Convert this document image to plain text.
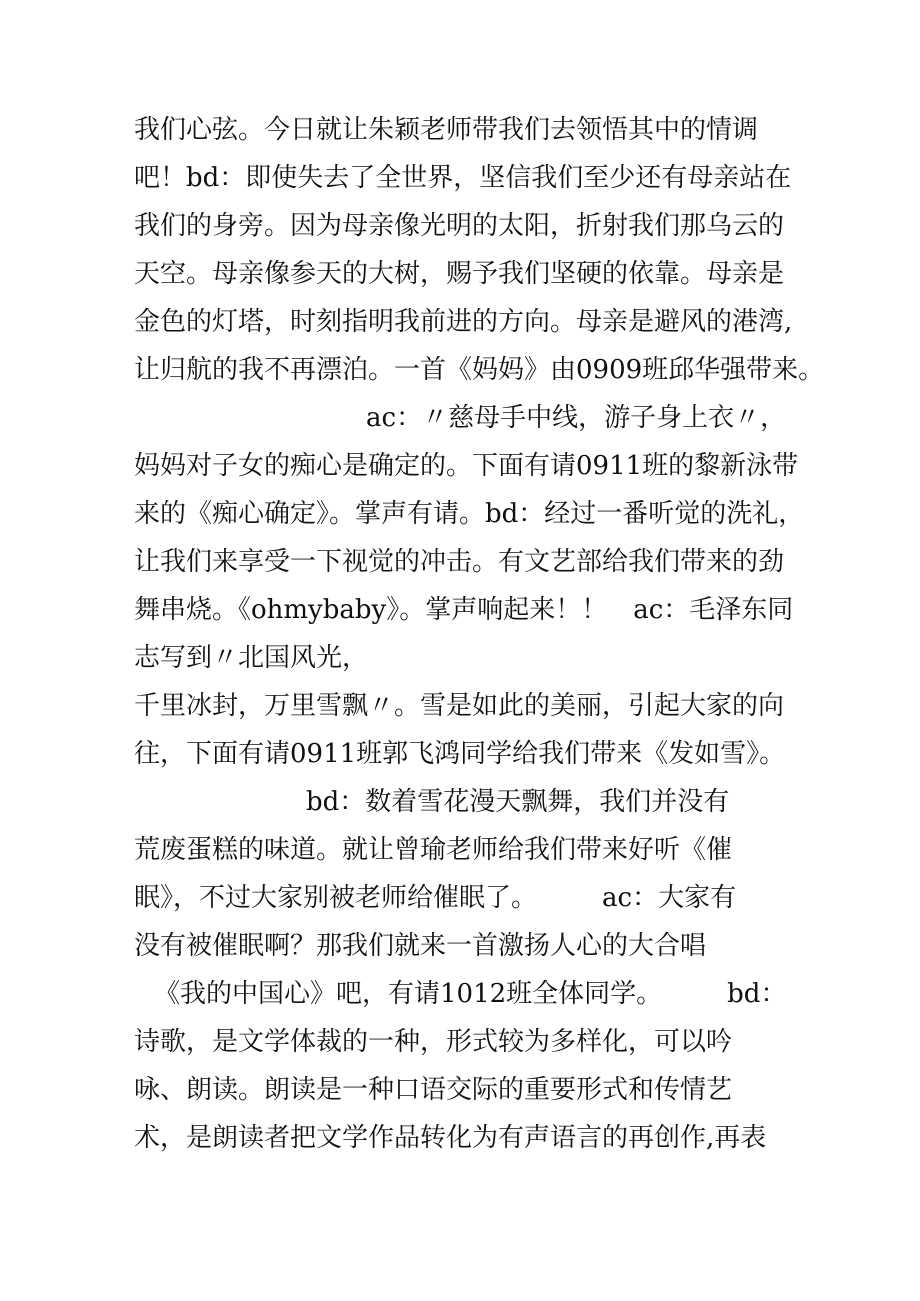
我们心弦。今日就让朱颖老师带我们去领悟其中的情调
吧！bd：即使失去了全世界，坚信我们至少还有母亲站在
我们的身旁。因为母亲像光明的太阳，折射我们那乌云的
天空。母亲像参天的大树，赐予我们坚硬的依靠。母亲是
金色的灯塔，时刻指明我前进的方向。母亲是避风的港湾,
让归航的我不再漂泊。一首《妈妈》由0909班邱华强带来。
ac：〃慈母手中线，游子身上衣〃，
妈妈对子女的痴心是确定的。下面有请0911班的黎新泳带
来的《痴心确定》。掌声有请。bd：经过一番听觉的洗礼，
让我们来享受一下视觉的冲击。有文艺部给我们带来的劲
舞串烧。《ohmybaby》。掌声响起来！！　ac：毛泽东同
志写到〃北国风光，
千里冰封，万里雪飘〃。雪是如此的美丽，引起大家的向
往，下面有请0911班郭飞鸿同学给我们带来《发如雪》。
bd：数着雪花漫天飘舞，我们并没有
荒废蛋糕的味道。就让曾瑜老师给我们带来好听《催
眠》，不过大家别被老师给催眠了。　　　ac：大家有
没有被催眠啊？那我们就来一首激扬人心的大合唱
《我的中国心》吧，有请1012班全体同学。　　　bd：
诗歌，是文学体裁的一种，形式较为多样化，可以吟
咏、朗读。朗读是一种口语交际的重要形式和传情艺
术，是朗读者把文学作品转化为有声语言的再创作,再表
